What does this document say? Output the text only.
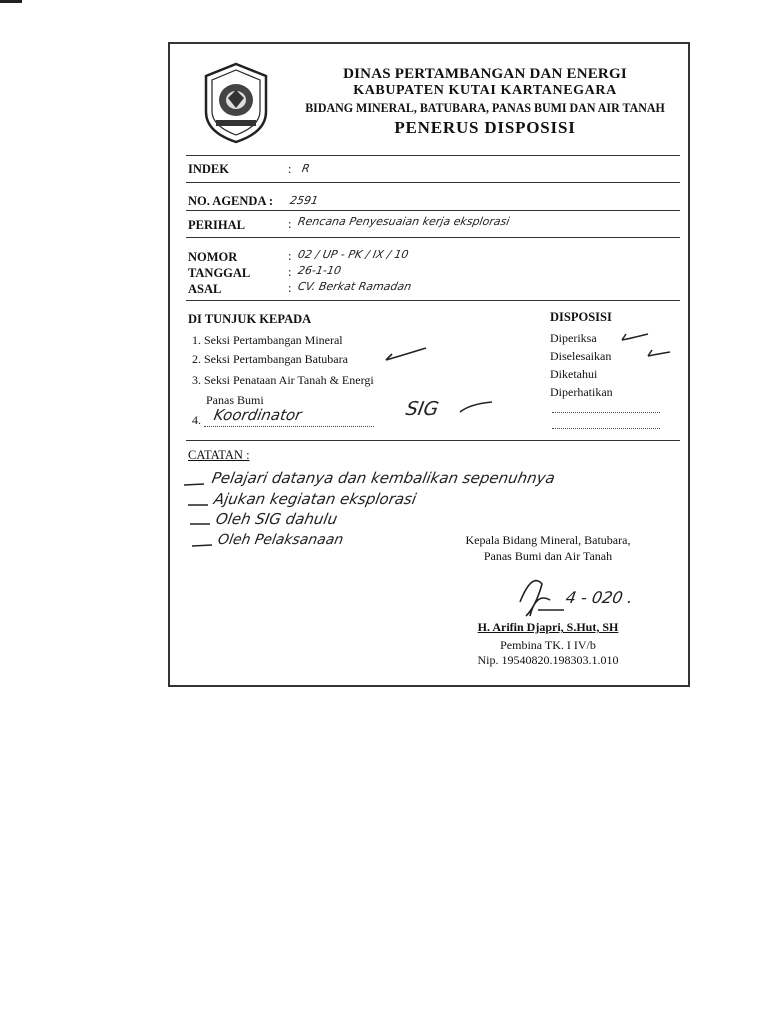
DINAS PERTAMBANGAN DAN ENERGI
KABUPATEN KUTAI KARTANEGARA
BIDANG MINERAL, BATUBARA, PANAS BUMI DAN AIR TANAH
PENERUS DISPOSISI
INDEK	: R
NO. AGENDA : 2591
PERIHAL	: Rencana Penyesuaian kerja eksplorasi
NOMOR	: 02 / UP - PK / IX / 10
TANGGAL	: 26-1-10
ASAL	: CV. Berkat Ramadan
DI TUNJUK KEPADA
1. Seksi Pertambangan Mineral
2. Seksi Pertambangan Batubara
3. Seksi Penataan Air Tanah & Energi
Panas Bumi
4. Koordinator	SIG
DISPOSISI
Diperiksa
Diselesaikan
Diketahui
Diperhatikan
CATATAN :
Pelajari datanya dan kembalikan sepenuhnya
Ajukan kegiatan eksplorasi
Oleh SIG dahulu
Oleh Pelaksanaan	Kepala Bidang Mineral, Batubara,
Panas Bumi dan Air Tanah
4 - 020 .
H. Arifin Djapri, S.Hut, SH
Pembina TK. I IV/b
Nip. 19540820.198303.1.010
